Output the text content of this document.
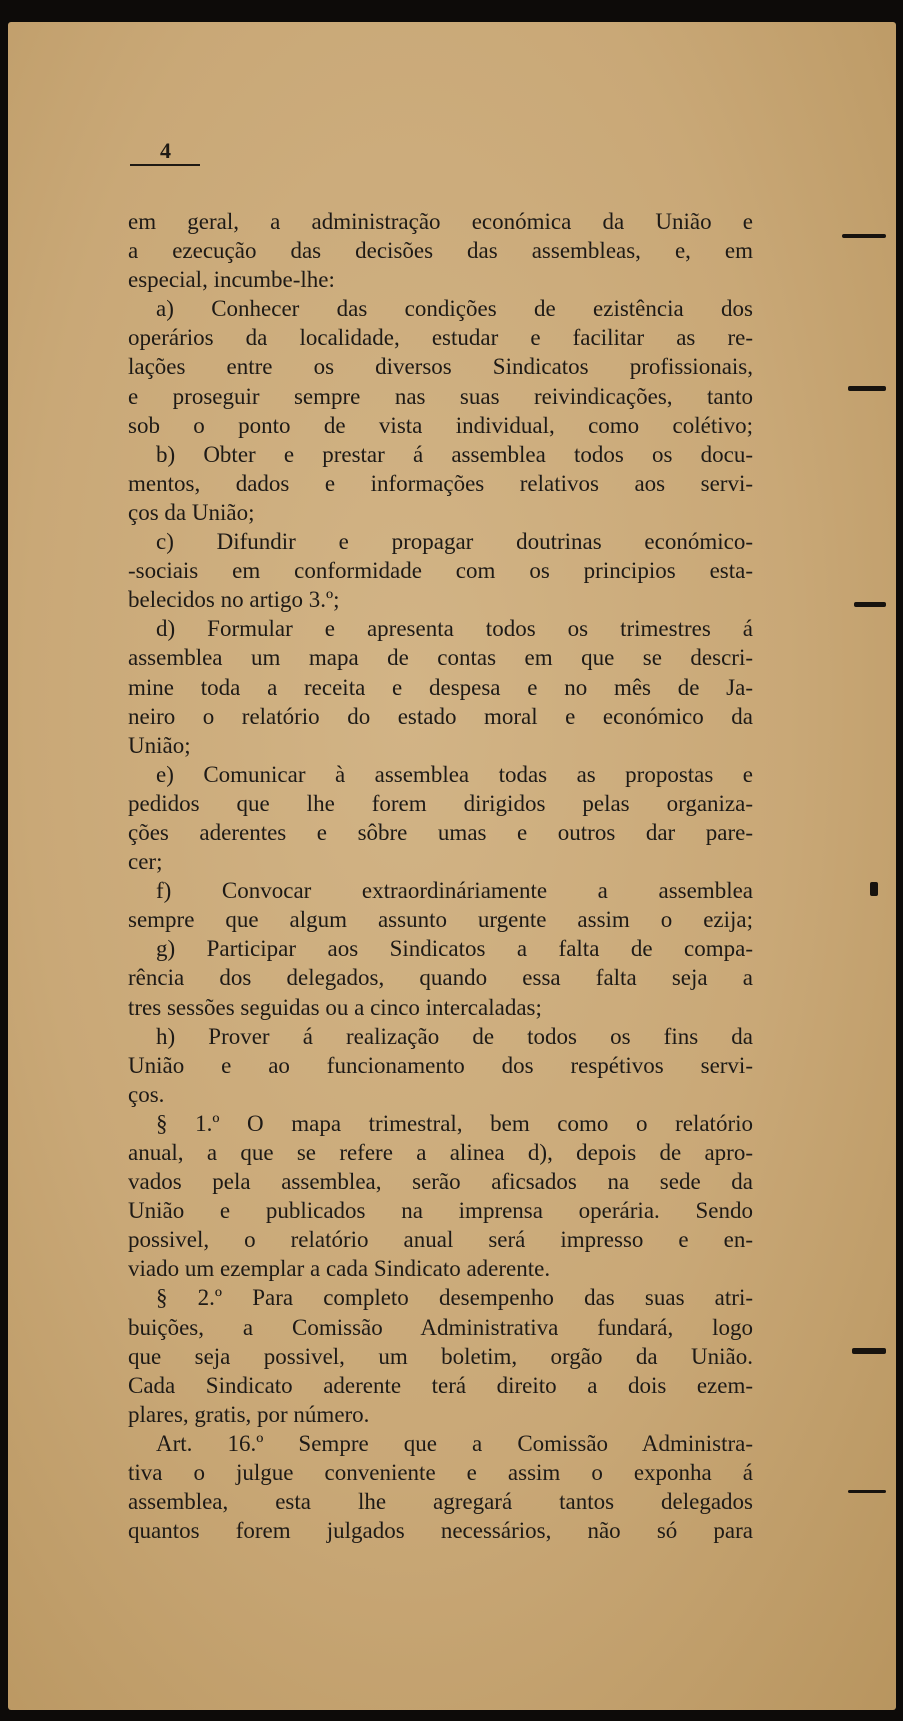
4
em geral, a administração económica da União e
a ezecução das decisões das assembleas, e, em
especial, incumbe-lhe:
a) Conhecer das condições de ezistência dos
operários da localidade, estudar e facilitar as re-
lações entre os diversos Sindicatos profissionais,
e proseguir sempre nas suas reivindicações, tanto
sob o ponto de vista individual, como colétivo;
b) Obter e prestar á assemblea todos os docu-
mentos, dados e informações relativos aos servi-
ços da União;
c) Difundir e propagar doutrinas económico-
-sociais em conformidade com os principios esta-
belecidos no artigo 3.º;
d) Formular e apresenta todos os trimestres á
assemblea um mapa de contas em que se descri-
mine toda a receita e despesa e no mês de Ja-
neiro o relatório do estado moral e económico da
União;
e) Comunicar à assemblea todas as propostas e
pedidos que lhe forem dirigidos pelas organiza-
ções aderentes e sôbre umas e outros dar pare-
cer;
f) Convocar extraordináriamente a assemblea
sempre que algum assunto urgente assim o ezija;
g) Participar aos Sindicatos a falta de compa-
rência dos delegados, quando essa falta seja a
tres sessões seguidas ou a cinco intercaladas;
h) Prover á realização de todos os fins da
União e ao funcionamento dos respétivos servi-
ços.
§ 1.º O mapa trimestral, bem como o relatório
anual, a que se refere a alinea d), depois de apro-
vados pela assemblea, serão aficsados na sede da
União e publicados na imprensa operária. Sendo
possivel, o relatório anual será impresso e en-
viado um ezemplar a cada Sindicato aderente.
§ 2.º Para completo desempenho das suas atri-
buições, a Comissão Administrativa fundará, logo
que seja possivel, um boletim, orgão da União.
Cada Sindicato aderente terá direito a dois ezem-
plares, gratis, por número.
Art. 16.º Sempre que a Comissão Administra-
tiva o julgue conveniente e assim o exponha á
assemblea, esta lhe agregará tantos delegados
quantos forem julgados necessários, não só para
